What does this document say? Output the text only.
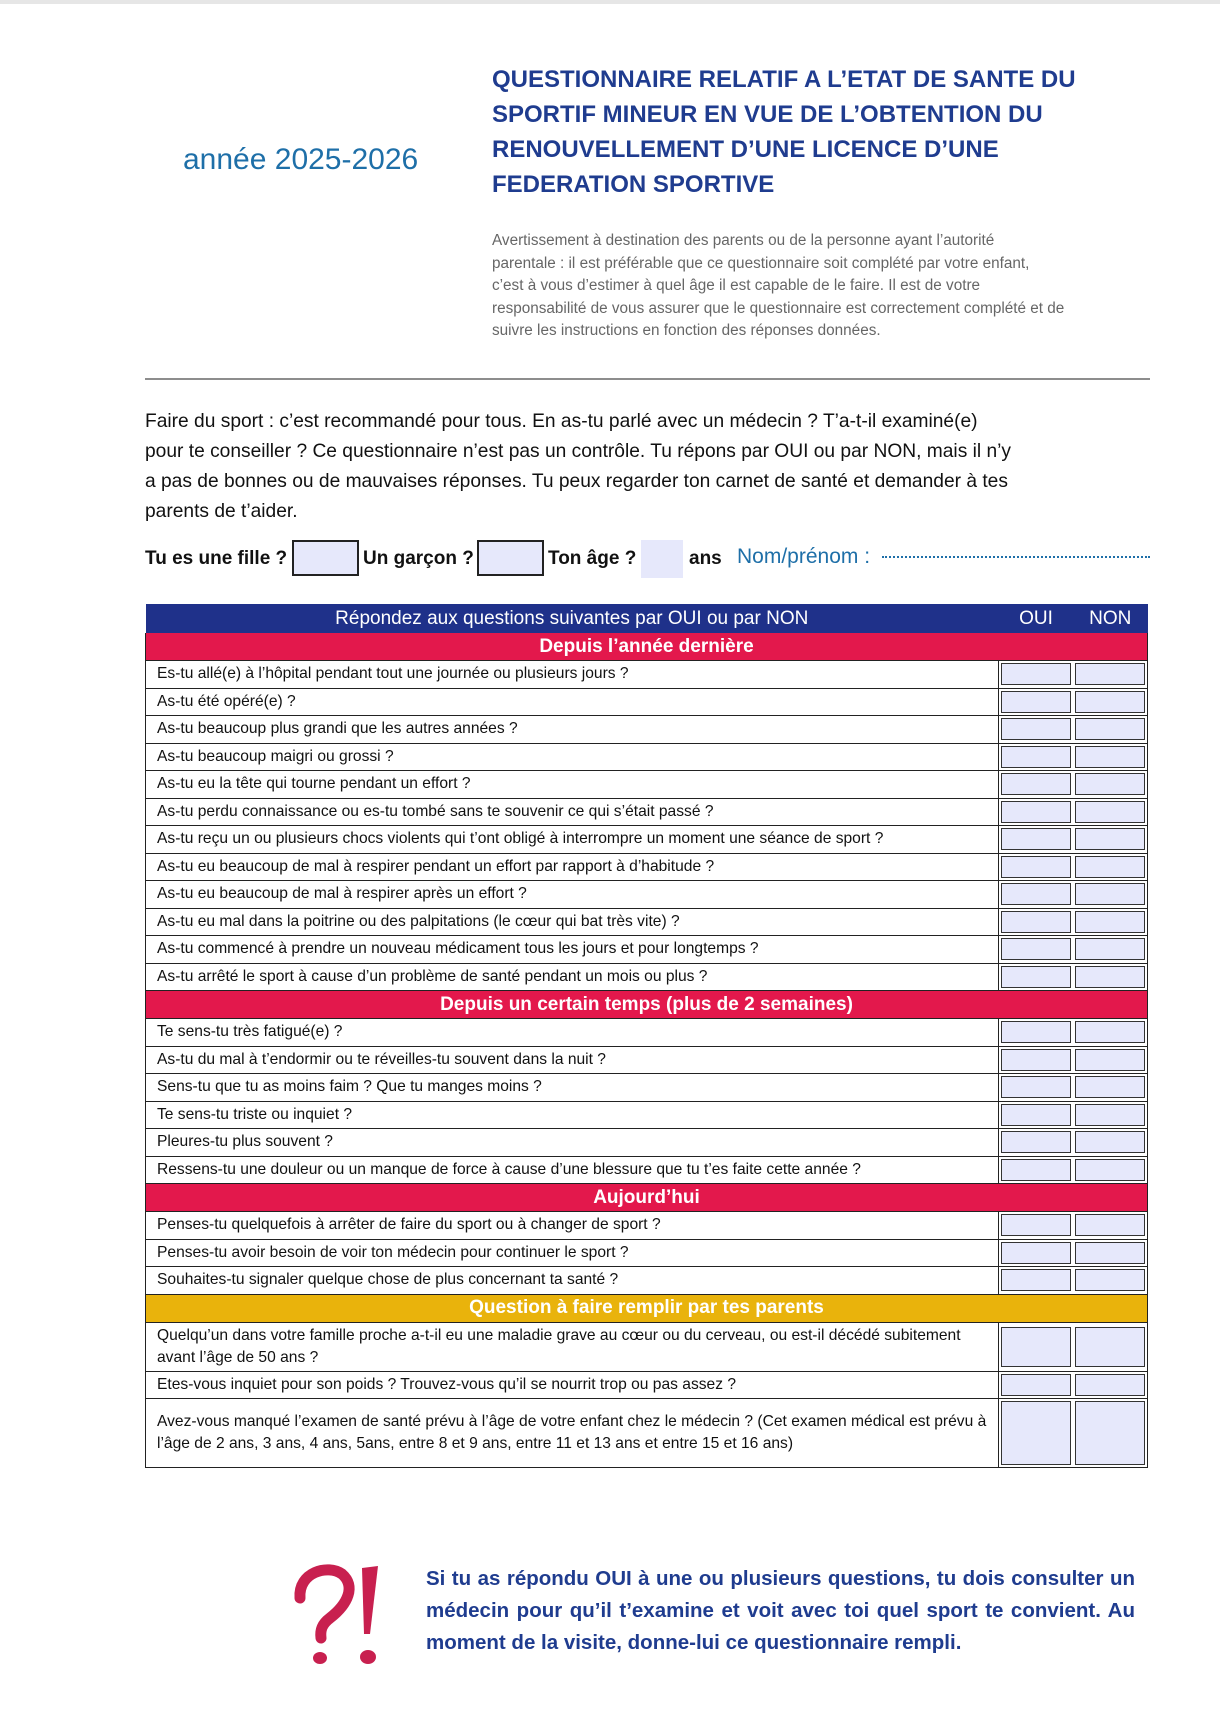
année 2025-2026
QUESTIONNAIRE RELATIF A L’ETAT DE SANTE DU
SPORTIF MINEUR EN VUE DE L’OBTENTION DU
RENOUVELLEMENT D’UNE LICENCE D’UNE
FEDERATION SPORTIVE
Avertissement à destination des parents ou de la personne ayant l’autorité
parentale : il est préférable que ce questionnaire soit complété par votre enfant,
c’est à vous d’estimer à quel âge il est capable de le faire. Il est de votre
responsabilité de vous assurer que le questionnaire est correctement complété et de
suivre les instructions en fonction des réponses données.
Faire du sport : c’est recommandé pour tous. En as-tu parlé avec un médecin ? T’a-t-il examiné(e)
pour te conseiller ? Ce questionnaire n’est pas un contrôle. Tu répons par OUI ou par NON, mais il n’y
a pas de bonnes ou de mauvaises réponses. Tu peux regarder ton carnet de santé et demander à tes
parents de t’aider.
Tu es une fille ?	Un garçon ?	Ton âge ?	ans Nom/prénom :
Répondez aux questions suivantes par OUI ou par NON	OUI	NON
Depuis l’année dernière		
Es-tu allé(e) à l’hôpital pendant tout une journée ou plusieurs jours ?	

As-tu été opéré(e) ?	

As-tu beaucoup plus grandi que les autres années ?	

As-tu beaucoup maigri ou grossi ?	

As-tu eu la tête qui tourne pendant un effort ?	

As-tu perdu connaissance ou es-tu tombé sans te souvenir ce qui s’était passé ?	

As-tu reçu un ou plusieurs chocs violents qui t’ont obligé à interrompre un moment une séance de sport ?	

As-tu eu beaucoup de mal à respirer pendant un effort par rapport à d’habitude ?	

As-tu eu beaucoup de mal à respirer après un effort ?	

As-tu eu mal dans la poitrine ou des palpitations (le cœur qui bat très vite) ?	

As-tu commencé à prendre un nouveau médicament tous les jours et pour longtemps ?	

As-tu arrêté le sport à cause d’un problème de santé pendant un mois ou plus ?	

Depuis un certain temps (plus de 2 semaines)		
Te sens-tu très fatigué(e) ?	

As-tu du mal à t’endormir ou te réveilles-tu souvent dans la nuit ?	

Sens-tu que tu as moins faim ? Que tu manges moins ?	

Te sens-tu triste ou inquiet ?	

Pleures-tu plus souvent ?	

Ressens-tu une douleur ou un manque de force à cause d’une blessure que tu t’es faite cette année ?	

Aujourd’hui		
Penses-tu quelquefois à arrêter de faire du sport ou à changer de sport ?	

Penses-tu avoir besoin de voir ton médecin pour continuer le sport ?	

Souhaites-tu signaler quelque chose de plus concernant ta santé ?	

Question à faire remplir par tes parents		
Quelqu’un dans votre famille proche a-t-il eu une maladie grave au cœur ou du cerveau, ou est-il décédé subitement avant l’âge de 50 ans ?	

Etes-vous inquiet pour son poids ? Trouvez-vous qu’il se nourrit trop ou pas assez ?	

Avez-vous manqué l’examen de santé prévu à l’âge de votre enfant chez le médecin ? (Cet examen médical est prévu à l’âge de 2 ans, 3 ans, 4 ans, 5ans, entre 8 et 9 ans, entre 11 et 13 ans et entre 15 et 16 ans)	

Si tu as répondu OUI à une ou plusieurs questions, tu dois consulter un médecin pour qu’il t’examine et voit avec toi quel sport te convient. Au moment de la visite, donne-lui ce questionnaire rempli.
